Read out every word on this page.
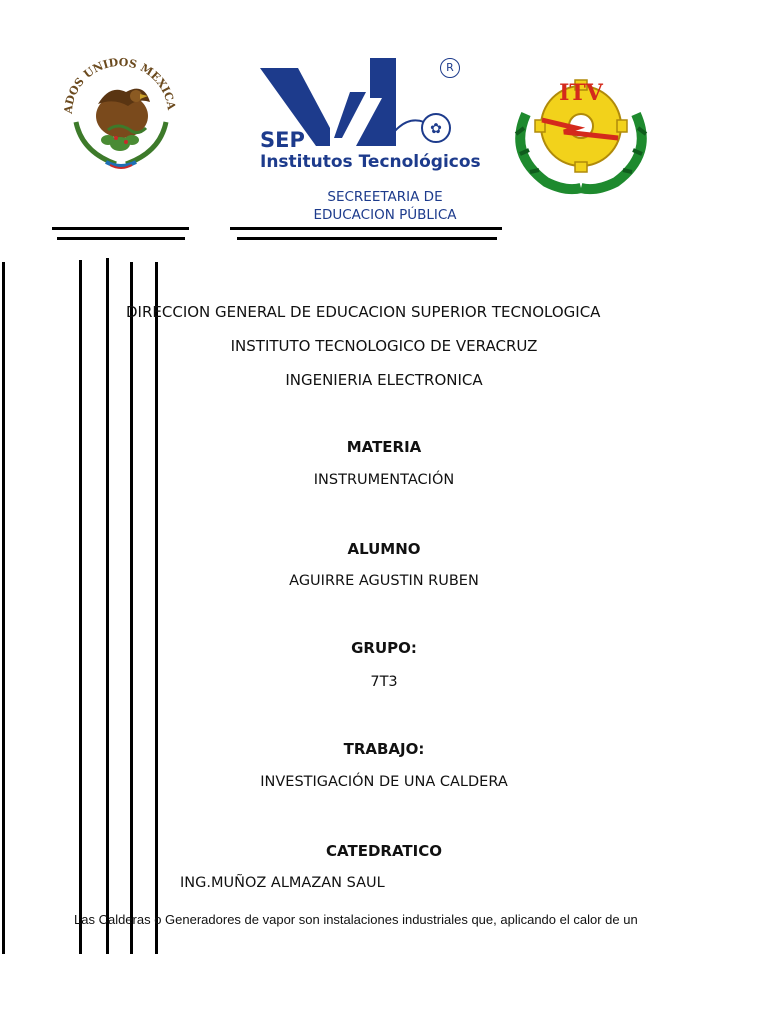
ADOS UNIDOS MEXICA
✿
SEP
Institutos Tecnológicos
R
SECREETARIA DE
EDUCACION PÚBLICA
ITV
DIRECCION GENERAL DE EDUCACION SUPERIOR TECNOLOGICA
INSTITUTO TECNOLOGICO DE VERACRUZ
INGENIERIA ELECTRONICA
MATERIA
INSTRUMENTACIÓN
ALUMNO
AGUIRRE AGUSTIN RUBEN
GRUPO:
7T3
TRABAJO:
INVESTIGACIÓN DE UNA CALDERA
CATEDRATICO
ING.MUÑOZ ALMAZAN SAUL
Las Calderas o Generadores de vapor son instalaciones industriales que, aplicando el calor de un
